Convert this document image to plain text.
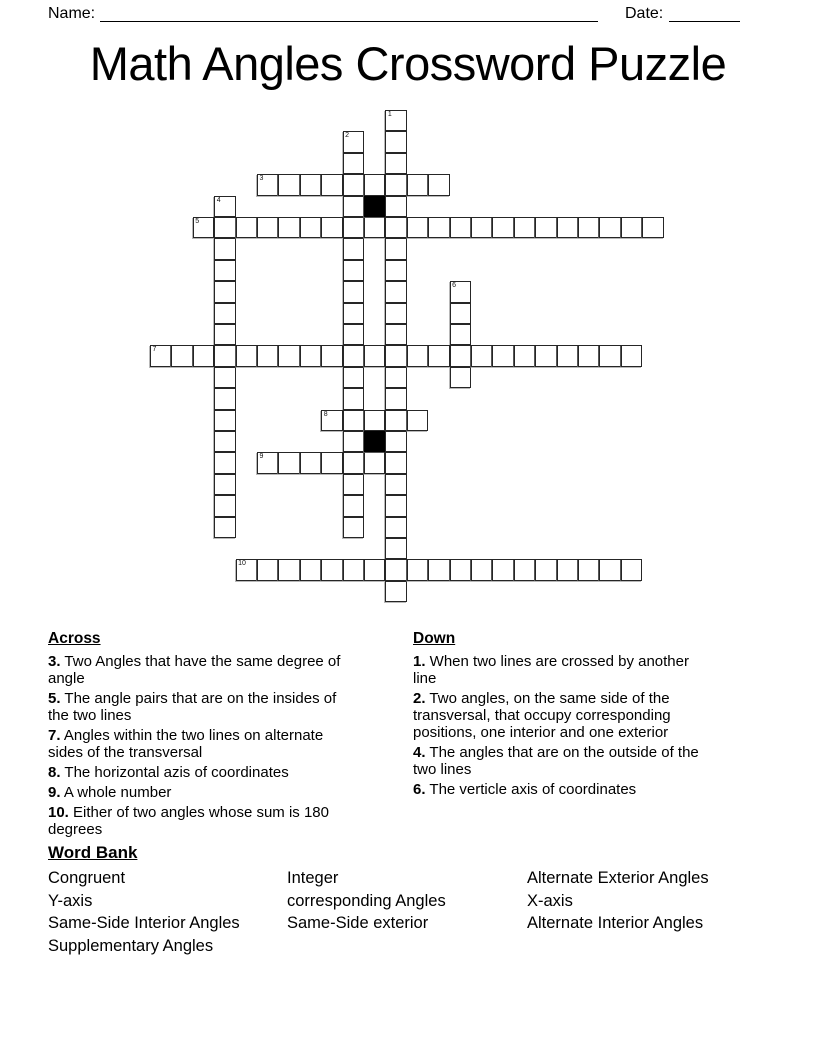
Name:	Date:
Math Angles Crossword Puzzle
1
2
3
4
5
6
7
8
9
10
Across

3. Two Angles that have the same degree of angle

5. The angle pairs that are on the insides of the two lines

7. Angles within the two lines on alternate sides of the transversal

8. The horizontal azis of coordinates

9. A whole number

10. Either of two angles whose sum is 180 degrees

Down

1. When two lines are crossed by another line

2. Two angles, on the same side of the transversal, that occupy corresponding positions, one interior and one exterior

4. The angles that are on the outside of the two lines

6. The verticle axis of coordinates

Word Bank

Congruent

Y-axis

Same-Side Interior Angles

Supplementary Angles

Integer

corresponding Angles

Same-Side exterior

Alternate Exterior Angles

X-axis

Alternate Interior Angles
